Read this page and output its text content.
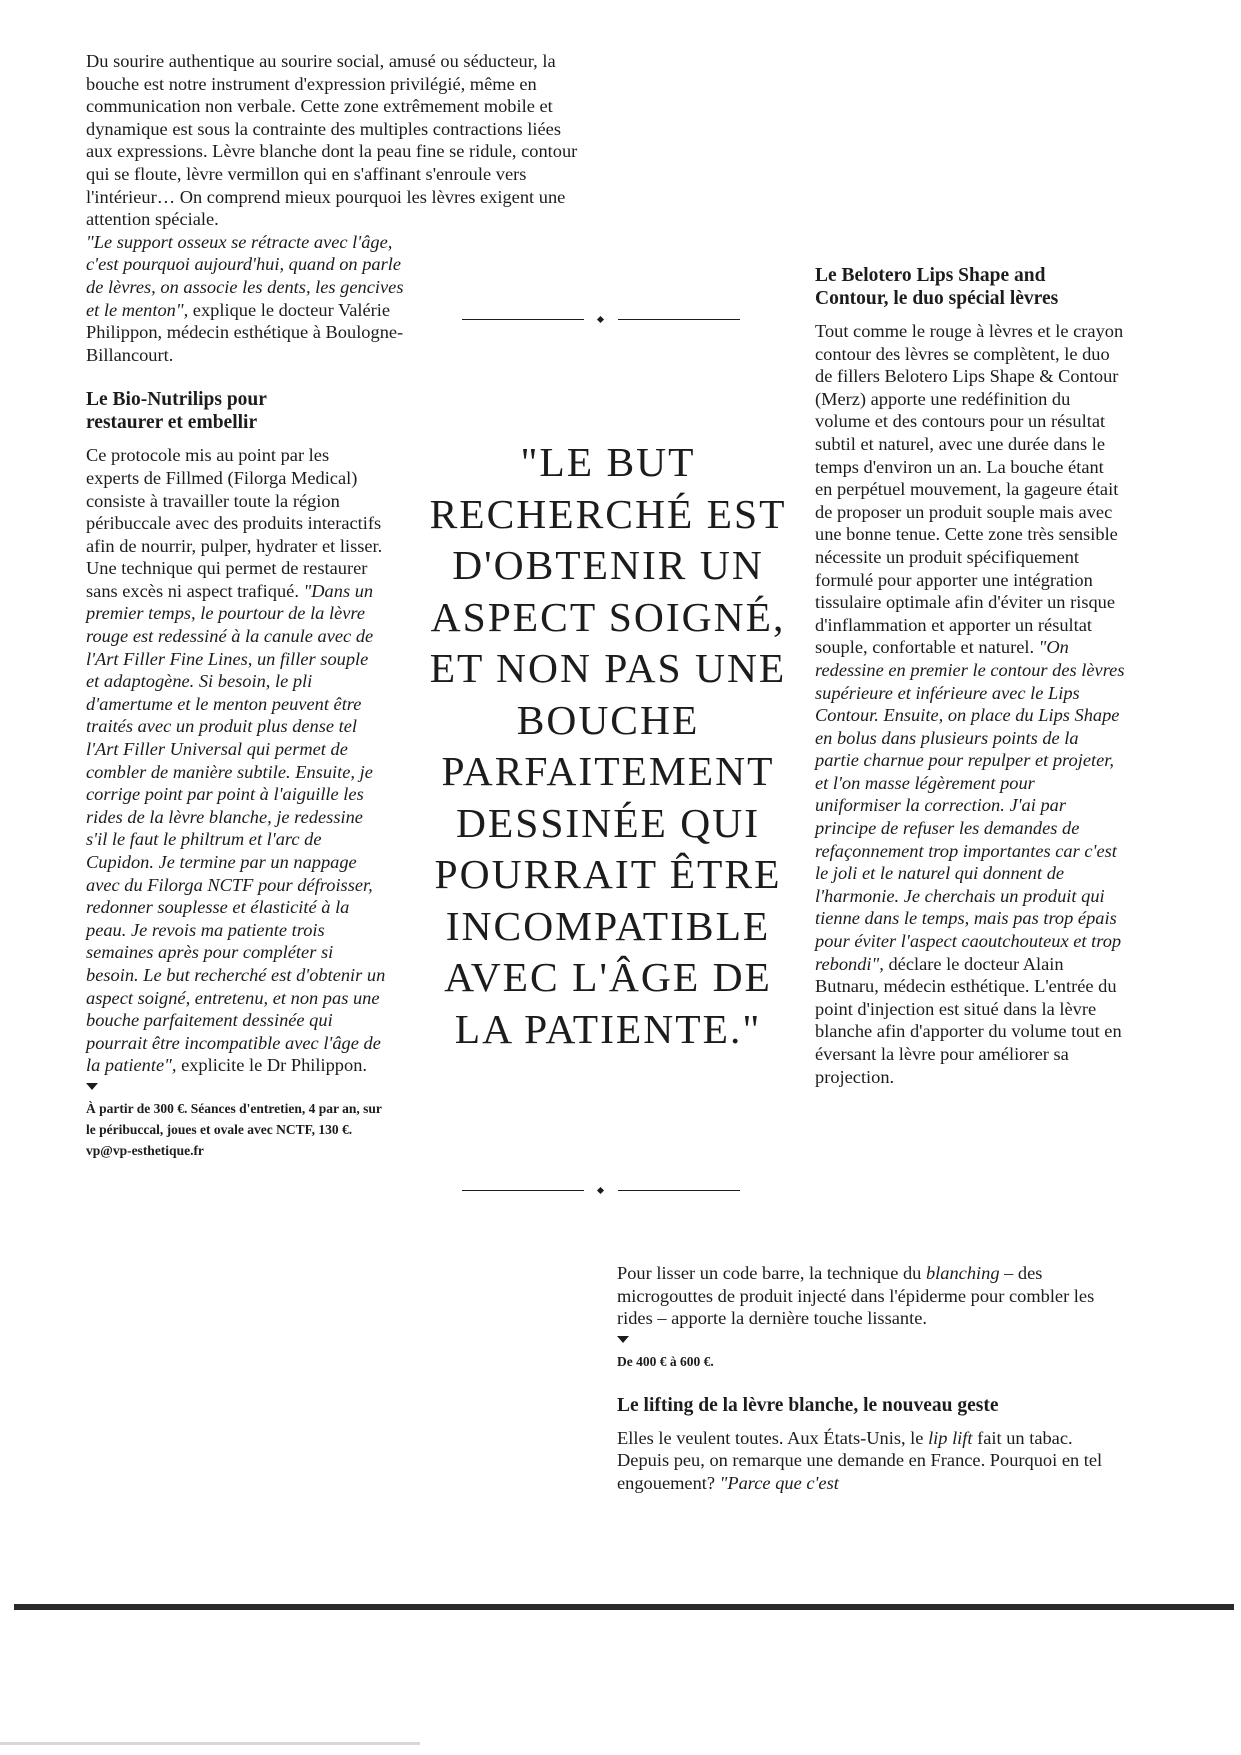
Du sourire authentique au sourire social, amusé ou séducteur, la bouche est notre instrument d'expression privilégié, même en communication non verbale. Cette zone extrêmement mobile et dynamique est sous la contrainte des multiples contractions liées aux expressions. Lèvre blanche dont la peau fine se ridule, contour qui se floute, lèvre vermillon qui en s'affinant s'enroule vers l'intérieur… On comprend mieux pourquoi les lèvres exigent une attention spéciale.

"Le support osseux se rétracte avec l'âge, c'est pourquoi aujourd'hui, quand on parle de lèvres, on associe les dents, les gencives et le menton", explique le docteur Valérie Philippon, médecin esthétique à Boulogne-Billancourt.

Le Bio-Nutrilips pour restaurer et embellir

Ce protocole mis au point par les experts de Fillmed (Filorga Medical) consiste à travailler toute la région péribuccale avec des produits interactifs afin de nourrir, pulper, hydrater et lisser. Une technique qui permet de restaurer sans excès ni aspect trafiqué. "Dans un premier temps, le pourtour de la lèvre rouge est redessiné à la canule avec de l'Art Filler Fine Lines, un filler souple et adaptogène. Si besoin, le pli d'amertume et le menton peuvent être traités avec un produit plus dense tel l'Art Filler Universal qui permet de combler de manière subtile. Ensuite, je corrige point par point à l'aiguille les rides de la lèvre blanche, je redessine s'il le faut le philtrum et l'arc de Cupidon. Je termine par un nappage avec du Filorga NCTF pour défroisser, redonner souplesse et élasticité à la peau. Je revois ma patiente trois semaines après pour compléter si besoin. Le but recherché est d'obtenir un aspect soigné, entretenu, et non pas une bouche parfaitement dessinée qui pourrait être incompatible avec l'âge de la patiente", explicite le Dr Philippon.

À partir de 300 €. Séances d'entretien, 4 par an, sur le péribuccal, joues et ovale avec NCTF, 130 €. vp@vp-esthetique.fr

"LE BUT RECHERCHÉ EST D'OBTENIR UN ASPECT SOIGNÉ, ET NON PAS UNE BOUCHE PARFAITEMENT DESSINÉE QUI POURRAIT ÊTRE INCOMPATIBLE AVEC L'ÂGE DE LA PATIENTE."
Le Belotero Lips Shape and Contour, le duo spécial lèvres

Tout comme le rouge à lèvres et le crayon contour des lèvres se complètent, le duo de fillers Belotero Lips Shape & Contour (Merz) apporte une redéfinition du volume et des contours pour un résultat subtil et naturel, avec une durée dans le temps d'environ un an. La bouche étant en perpétuel mouvement, la gageure était de proposer un produit souple mais avec une bonne tenue. Cette zone très sensible nécessite un produit spécifiquement formulé pour apporter une intégration tissulaire optimale afin d'éviter un risque d'inflammation et apporter un résultat souple, confortable et naturel. "On redessine en premier le contour des lèvres supérieure et inférieure avec le Lips Contour. Ensuite, on place du Lips Shape en bolus dans plusieurs points de la partie charnue pour repulper et projeter, et l'on masse légèrement pour uniformiser la correction. J'ai par principe de refuser les demandes de refaçonnement trop importantes car c'est le joli et le naturel qui donnent de l'harmonie. Je cherchais un produit qui tienne dans le temps, mais pas trop épais pour éviter l'aspect caoutchouteux et trop rebondi", déclare le docteur Alain Butnaru, médecin esthétique. L'entrée du point d'injection est situé dans la lèvre blanche afin d'apporter du volume tout en éversant la lèvre pour améliorer sa projection.

Pour lisser un code barre, la technique du blanching – des microgouttes de produit injecté dans l'épiderme pour combler les rides – apporte la dernière touche lissante.

De 400 € à 600 €.

Le lifting de la lèvre blanche, le nouveau geste

Elles le veulent toutes. Aux États-Unis, le lip lift fait un tabac. Depuis peu, on remarque une demande en France. Pourquoi en tel engouement? "Parce que c'est
